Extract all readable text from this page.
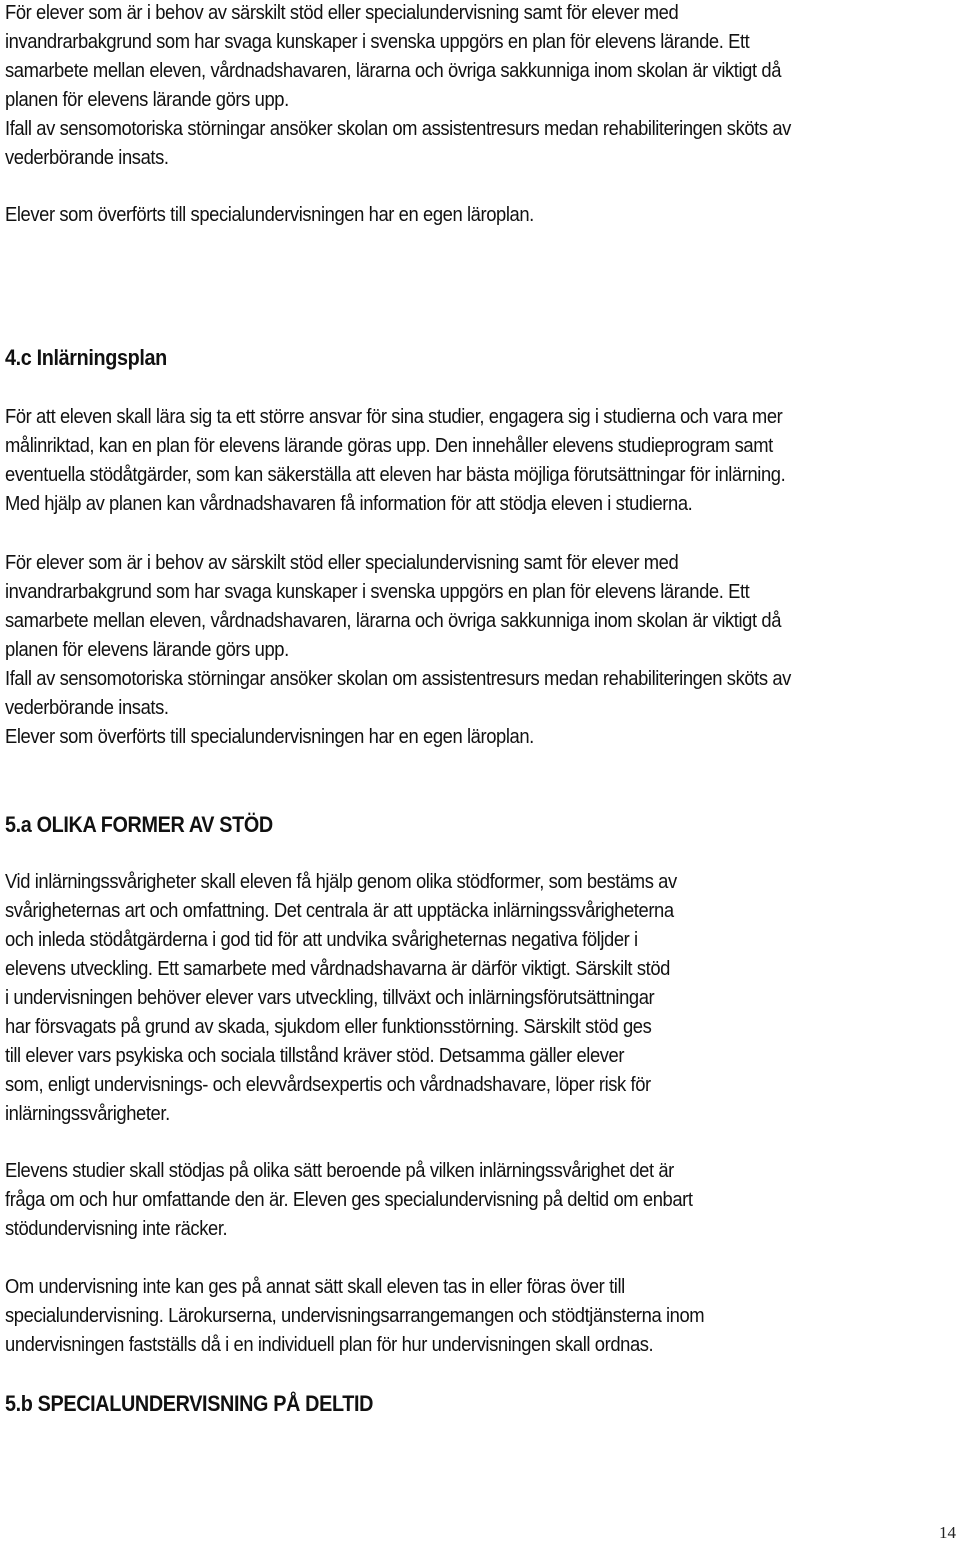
För elever som är i behov av särskilt stöd eller specialundervisning samt för elever med
invandrarbakgrund som har svaga kunskaper i svenska uppgörs en plan för elevens lärande. Ett
samarbete mellan eleven, vårdnadshavaren, lärarna och övriga sakkunniga inom skolan är viktigt då
planen för elevens lärande görs upp.
Ifall av sensomotoriska störningar ansöker skolan om assistentresurs medan rehabiliteringen sköts av
vederbörande insats.
Elever som överförts till specialundervisningen har en egen läroplan.
4.c Inlärningsplan
För att eleven skall lära sig ta ett större ansvar för sina studier, engagera sig i studierna och vara mer
målinriktad, kan en plan för elevens lärande göras upp. Den innehåller elevens studieprogram samt
eventuella stödåtgärder, som kan säkerställa att eleven har bästa möjliga förutsättningar för inlärning.
Med hjälp av planen kan vårdnadshavaren få information för att stödja eleven i studierna.
För elever som är i behov av särskilt stöd eller specialundervisning samt för elever med
invandrarbakgrund som har svaga kunskaper i svenska uppgörs en plan för elevens lärande. Ett
samarbete mellan eleven, vårdnadshavaren, lärarna och övriga sakkunniga inom skolan är viktigt då
planen för elevens lärande görs upp.
Ifall av sensomotoriska störningar ansöker skolan om assistentresurs medan rehabiliteringen sköts av
vederbörande insats.
Elever som överförts till specialundervisningen har en egen läroplan.
5.a OLIKA FORMER AV STÖD
Vid inlärningssvårigheter skall eleven få hjälp genom olika stödformer, som bestäms av
svårigheternas art och omfattning. Det centrala är att upptäcka inlärningssvårigheterna
och inleda stödåtgärderna i god tid för att undvika svårigheternas negativa följder i
elevens utveckling. Ett samarbete med vårdnadshavarna är därför viktigt. Särskilt stöd
i undervisningen behöver elever vars utveckling, tillväxt och inlärningsförutsättningar
har försvagats på grund av skada, sjukdom eller funktionsstörning. Särskilt stöd ges
till elever vars psykiska och sociala tillstånd kräver stöd. Detsamma gäller elever
som, enligt undervisnings- och elevvårdsexpertis och vårdnadshavare, löper risk för
inlärningssvårigheter.
Elevens studier skall stödjas på olika sätt beroende på vilken inlärningssvårighet det är
fråga om och hur omfattande den är. Eleven ges specialundervisning på deltid om enbart
stödundervisning inte räcker.
Om undervisning inte kan ges på annat sätt skall eleven tas in eller föras över till
specialundervisning. Lärokurserna, undervisningsarrangemangen och stödtjänsterna inom
undervisningen fastställs då i en individuell plan för hur undervisningen skall ordnas.
5.b SPECIALUNDERVISNING PÅ DELTID
14
